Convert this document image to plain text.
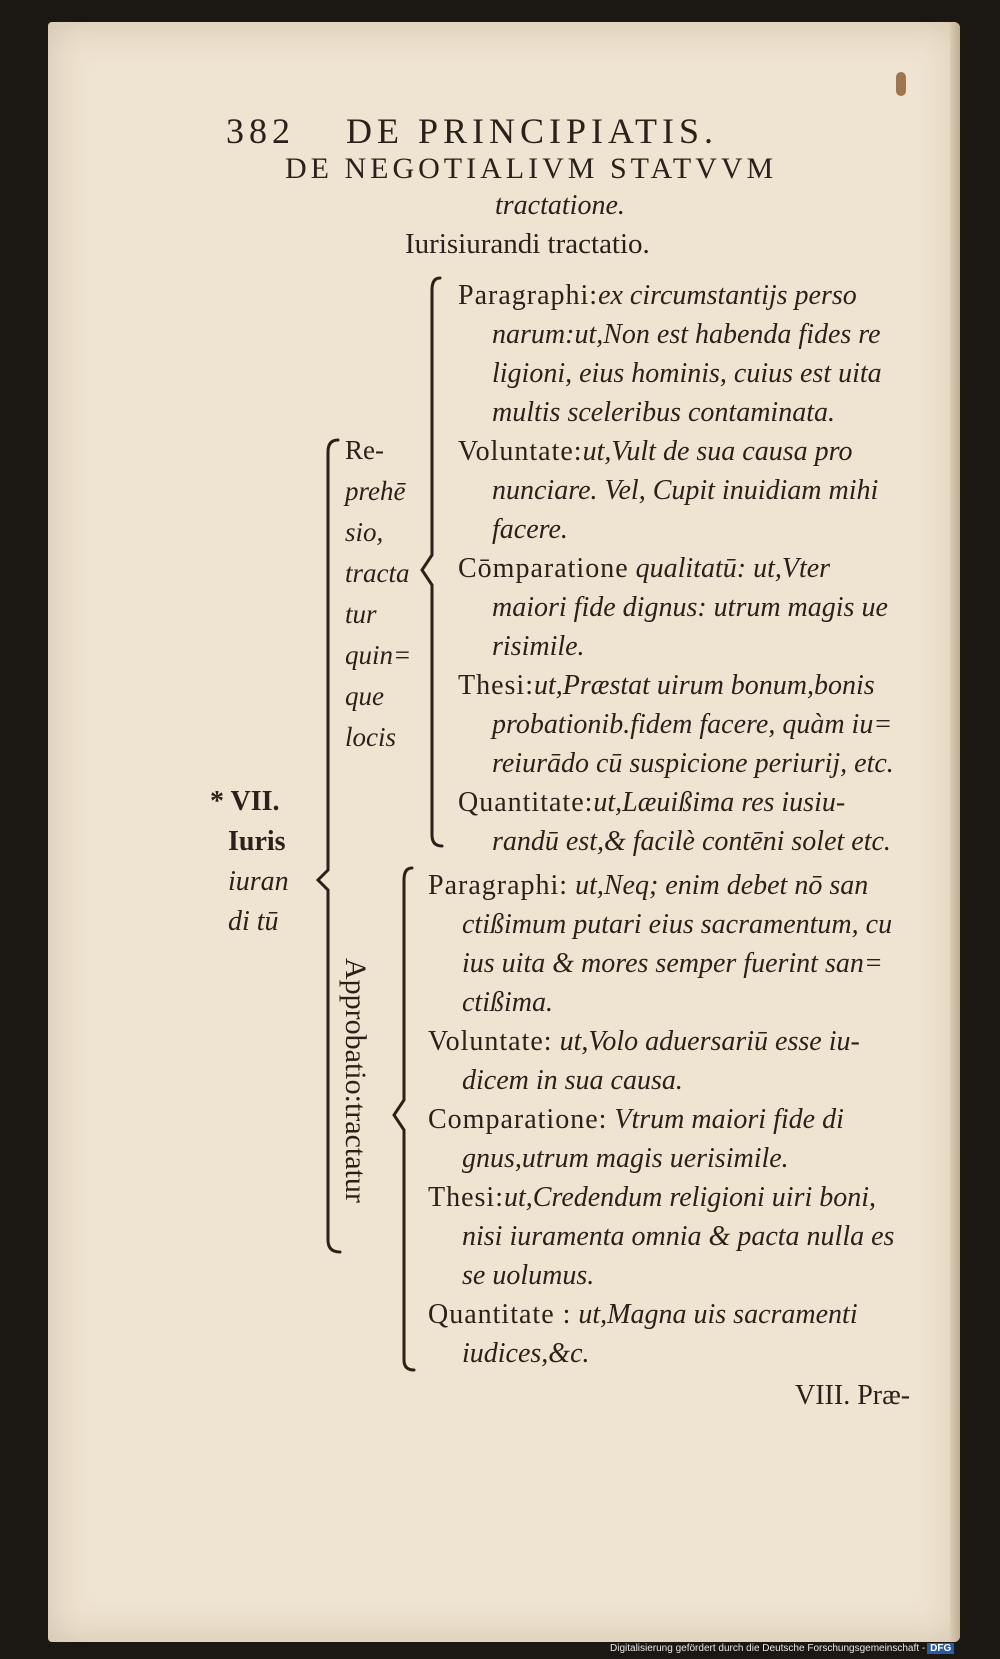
382 DE PRINCIPIATIS.
DE NEGOTIALIVM STATVVM
tractatione.
Iurisiurandi tractatio.
Re-
prehē
sio,
tracta
tur
quin=
que
locis
Paragraphi:ex circumstantijs perso
narum:ut,Non est habenda fides re
ligioni, eius hominis, cuius est uita
multis sceleribus contaminata.
Voluntate:ut,Vult de sua causa pro
nunciare. Vel, Cupit inuidiam mihi
facere.
Cōmparatione qualitatū: ut,Vter
maiori fide dignus: utrum magis ue
risimile.
Thesi:ut,Præstat uirum bonum,bonis
probationib.fidem facere, quàm iu=
reiurādo cū suspicione periurij, etc.
Quantitate:ut,Læuißima res iusiu-
randū est,& facilè contēni solet etc.
* VII.
Iuris
iuran
di tū
Approbatio:tractatur
Paragraphi: ut,Neq; enim debet nō san
ctißimum putari eius sacramentum, cu
ius uita & mores semper fuerint san=
ctißima.
Voluntate: ut,Volo aduersariū esse iu-
dicem in sua causa.
Comparatione: Vtrum maiori fide di
gnus,utrum magis uerisimile.
Thesi:ut,Credendum religioni uiri boni,
nisi iuramenta omnia & pacta nulla es
se uolumus.
Quantitate : ut,Magna uis sacramenti
iudices,&c.
VIII. Præ-
Digitalisierung gefördert durch die Deutsche Forschungsgemeinschaft - DFG
